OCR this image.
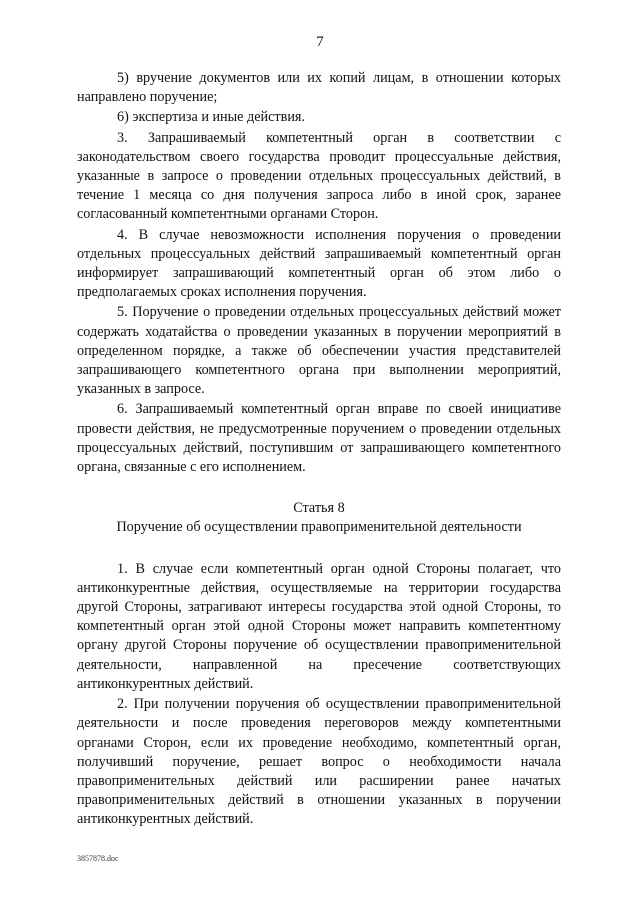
7

5) вручение документов или их копий лицам, в отношении которых направлено поручение;

6) экспертиза и иные действия.

3. Запрашиваемый компетентный орган в соответствии с законодательством своего государства проводит процессуальные действия, указанные в запросе о проведении отдельных процессуальных действий, в течение 1 месяца со дня получения запроса либо в иной срок, заранее согласованный компетентными органами Сторон.

4. В случае невозможности исполнения поручения о проведении отдельных процессуальных действий запрашиваемый компетентный орган информирует запрашивающий компетентный орган об этом либо о предполагаемых сроках исполнения поручения.

5. Поручение о проведении отдельных процессуальных действий может содержать ходатайства о проведении указанных в поручении мероприятий в определенном порядке, а также об обеспечении участия представителей запрашивающего компетентного органа при выполнении мероприятий, указанных в запросе.

6. Запрашиваемый компетентный орган вправе по своей инициативе провести действия, не предусмотренные поручением о проведении отдельных процессуальных действий, поступившим от запрашивающего компетентного органа, связанные с его исполнением.

Статья 8

Поручение об осуществлении правоприменительной деятельности

1. В случае если компетентный орган одной Стороны полагает, что антиконкурентные действия, осуществляемые на территории государства другой Стороны, затрагивают интересы государства этой одной Стороны, то компетентный орган этой одной Стороны может направить компетентному органу другой Стороны поручение об осуществлении правоприменительной деятельности, направленной на пресечение соответствующих антиконкурентных действий.

2. При получении поручения об осуществлении правоприменительной деятельности и после проведения переговоров между компетентными органами Сторон, если их проведение необходимо, компетентный орган, получивший поручение, решает вопрос о необходимости начала правоприменительных действий или расширении ранее начатых правоприменительных действий в отношении указанных в поручении антиконкурентных действий.

3857878.doc
